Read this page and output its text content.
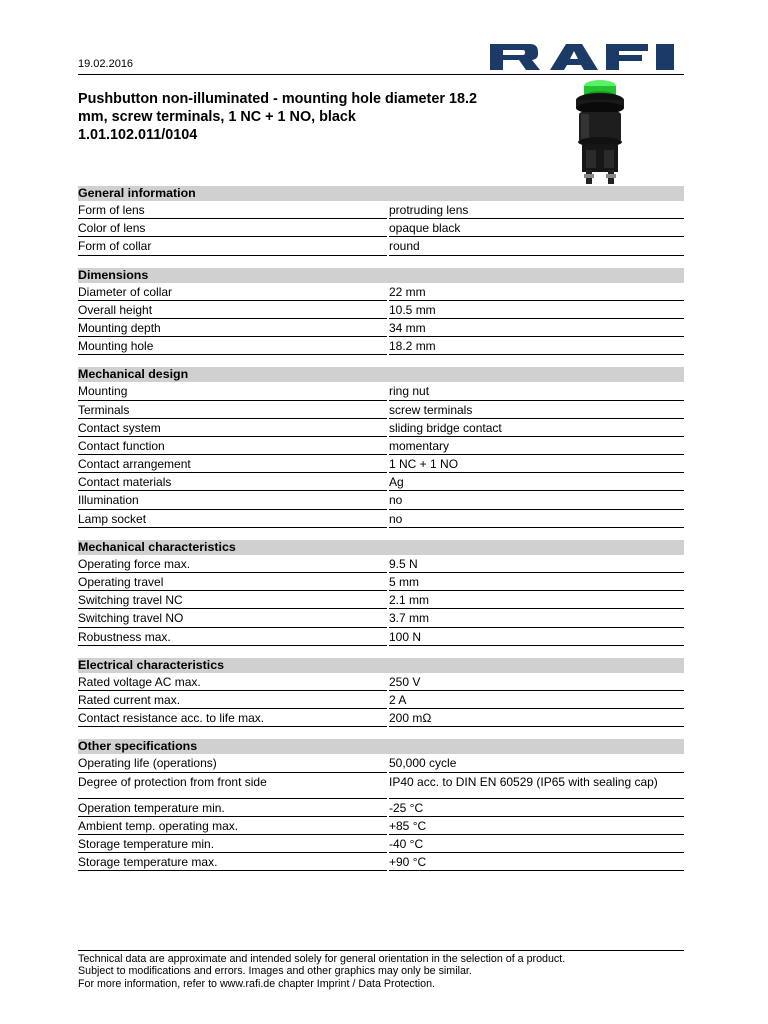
19.02.2016
Pushbutton non-illuminated - mounting hole diameter 18.2
mm, screw terminals, 1 NC + 1 NO, black
1.01.102.011/0104
General information
Form of lens	protruding lens
Color of lens	opaque black
Form of collar	round
Dimensions
Diameter of collar	22 mm
Overall height	10.5 mm
Mounting depth	34 mm
Mounting hole	18.2 mm
Mechanical design
Mounting	ring nut
Terminals	screw terminals
Contact system	sliding bridge contact
Contact function	momentary
Contact arrangement	1 NC + 1 NO
Contact materials	Ag
Illumination	no
Lamp socket	no
Mechanical characteristics
Operating force max.	9.5 N
Operating travel	5 mm
Switching travel NC	2.1 mm
Switching travel NO	3.7 mm
Robustness max.	100 N
Electrical characteristics
Rated voltage AC max.	250 V
Rated current max.	2 A
Contact resistance acc. to life max.	200 mΩ
Other specifications
Operating life (operations)	50,000 cycle
Degree of protection from front side	IP40 acc. to DIN EN 60529 (IP65 with sealing cap)
Operation temperature min.	-25 °C
Ambient temp. operating max.	+85 °C
Storage temperature min.	-40 °C
Storage temperature max.	+90 °C
Technical data are approximate and intended solely for general orientation in the selection of a product.
Subject to modifications and errors. Images and other graphics may only be similar.
For more information, refer to www.rafi.de chapter Imprint / Data Protection.
